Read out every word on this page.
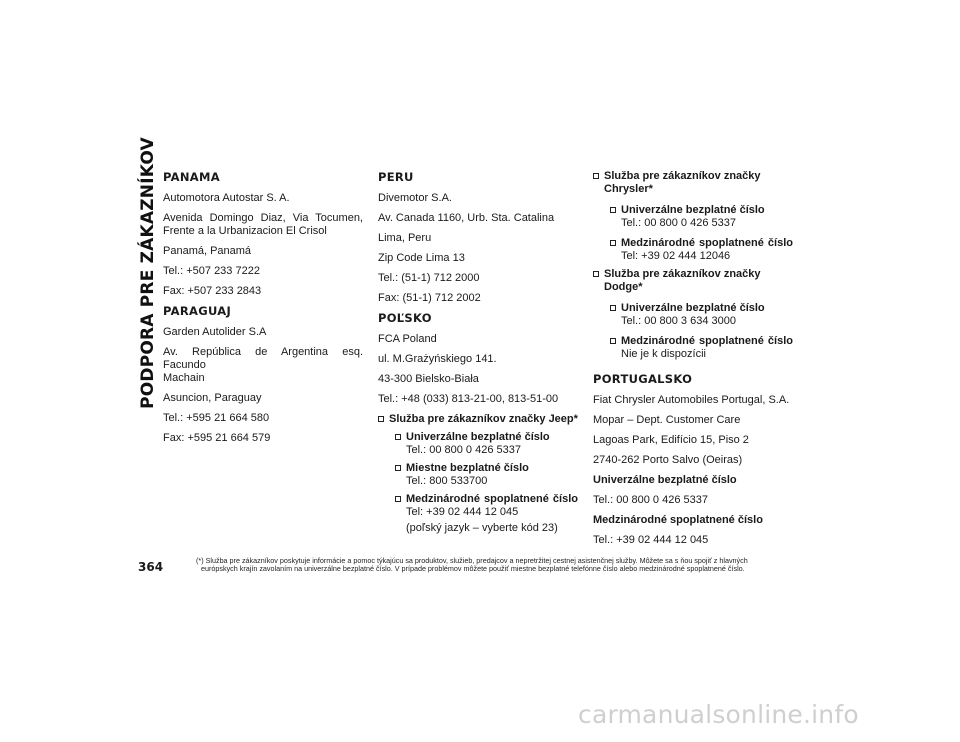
PODPORA PRE ZÁKAZNÍKOV PANAMA
Automotora Autostar S. A.
Avenida Domingo Diaz, Via Tocumen,
Frente a la Urbanizacion El Crisol
Panamá, Panamá
Tel.: +507 233 7222
Fax: +507 233 2843
PARAGUAJ
Garden Autolider S.A
Av. República de Argentina esq. Facundo
Machain
Asuncion, Paraguay
Tel.: +595 21 664 580
Fax: +595 21 664 579
PERU
Divemotor S.A.
Av. Canada 1160, Urb. Sta. Catalina
Lima, Peru
Zip Code Lima 13
Tel.: (51-1) 712 2000
Fax: (51-1) 712 2002
POĽSKO
FCA Poland
ul. M.Grażyńskiego 141.
43-300 Bielsko-Biała
Tel.: +48 (033) 813-21-00, 813-51-00
Služba pre zákazníkov značky Jeep*
Univerzálne bezplatné číslo
Tel.: 00 800 0 426 5337
Miestne bezplatné číslo
Tel.: 800 533700
Medzinárodné spoplatnené číslo
Tel: +39 02 444 12 045
(poľský jazyk – vyberte kód 23)
Služba pre zákazníkov značky Chrysler*
Univerzálne bezplatné číslo
Tel.: 00 800 0 426 5337
Medzinárodné spoplatnené číslo
Tel: +39 02 444 12046
Služba pre zákazníkov značky Dodge*
Univerzálne bezplatné číslo
Tel.: 00 800 3 634 3000
Medzinárodné spoplatnené číslo
Nie je k dispozícii
PORTUGALSKO
Fiat Chrysler Automobiles Portugal, S.A.
Mopar – Dept. Customer Care
Lagoas Park, Edifício 15, Piso 2
2740-262 Porto Salvo (Oeiras)
Univerzálne bezplatné číslo
Tel.: 00 800 0 426 5337
Medzinárodné spoplatnené číslo
Tel.: +39 02 444 12 045
364	(*) Služba pre zákazníkov poskytuje informácie a pomoc týkajúcu sa produktov, služieb, predajcov a nepretržitej cestnej asistenčnej služby. Môžete sa s ňou spojiť z hlavných
európskych krajín zavolaním na univerzálne bezplatné číslo. V prípade problémov môžete použiť miestne bezplatné telefónne číslo alebo medzinárodné spoplatnené číslo.
carmanualsonline.info
